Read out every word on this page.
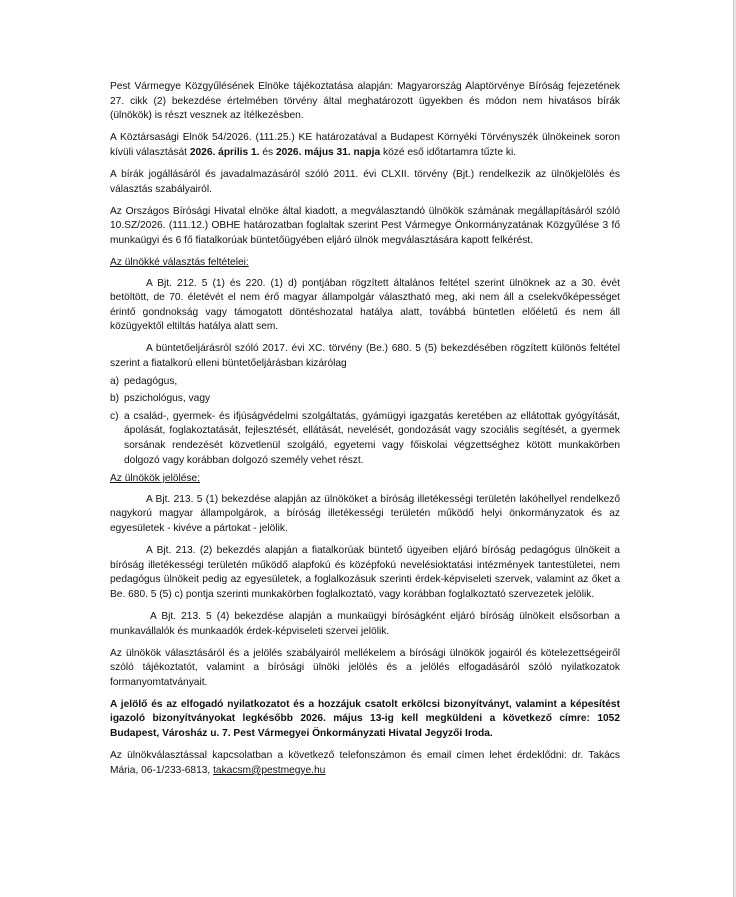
Pest Vármegye Közgyűlésének Elnöke tájékoztatása alapján: Magyarország Alaptörvénye Bíróság fejezetének 27. cikk (2) bekezdése értelmében törvény által meghatározott ügyekben és módon nem hivatásos bírák (ülnökök) is részt vesznek az ítélkezésben.

A Köztársasági Elnök 54/2026. (111.25.) KE határozatával a Budapest Környéki Törvényszék ülnökeinek soron kívüli választását 2026. április 1. és 2026. május 31. napja közé eső időtartamra tűzte ki.

A bírák jogállásáról és javadalmazásáról szóló 2011. évi CLXII. törvény (Bjt.) rendelkezik az ülnökjelölés és választás szabályairól.

Az Országos Bírósági Hivatal elnöke által kiadott, a megválasztandó ülnökök számának megállapításáról szóló 10.SZ/2026. (111.12.) OBHE határozatban foglaltak szerint Pest Vármegye Önkormányzatának Közgyűlése 3 fő munkaügyi és 6 fő fiatalkorúak büntetőügyében eljáró ülnök megválasztására kapott felkérést.

Az ülnökké választás feltételei:

A Bjt. 212. 5 (1) és 220. (1) d) pontjában rögzített általános feltétel szerint ülnöknek az a 30. évét betöltött, de 70. életévét el nem érő magyar állampolgár választható meg, aki nem áll a cselekvőképességet érintő gondnokság vagy támogatott döntéshozatal hatálya alatt, továbbá büntetlen előéletű és nem áll közügyektől eltiltás hatálya alatt sem.

A büntetőeljárásról szóló 2017. évi XC. törvény (Be.) 680. 5 (5) bekezdésében rögzített különös feltétel szerint a fiatalkorú elleni büntetőeljárásban kizárólag

a) pedagógus,
b) pszichológus, vagy
c) a család-, gyermek- és ifjúságvédelmi szolgáltatás, gyámügyi igazgatás keretében az ellátottak gyógyítását, ápolását, foglakoztatását, fejlesztését, ellátását, nevelését, gondozását vagy szociális segítését, a gyermek sorsának rendezését közvetlenül szolgáló, egyetemi vagy főiskolai végzettséghez kötött munkakörben dolgozó vagy korábban dolgozó személy vehet részt.

Az ülnökök jelölése:

A Bjt. 213. 5 (1) bekezdése alapján az ülnököket a bíróság illetékességi területén lakóhellyel rendelkező nagykorú magyar állampolgárok, a bíróság illetékességi területén működő helyi önkormányzatok és az egyesületek - kivéve a pártokat - jelölik.

A Bjt. 213. (2) bekezdés alapján a fiatalkorúak büntető ügyeiben eljáró bíróság pedagógus ülnökeit a bíróság illetékességi területén működő alapfokú és középfokú nevelésioktatási intézmények tantestületei, nem pedagógus ülnökeit pedig az egyesületek, a foglalkozásuk szerinti érdek-képviseleti szervek, valamint az őket a Be. 680. 5 (5) c) pontja szerinti munkakörben foglalkoztató, vagy korábban foglalkoztató szervezetek jelölik.

A Bjt. 213. 5 (4) bekezdése alapján a munkaügyi bíróságként eljáró bíróság ülnökeit elsősorban a munkavállalók és munkaadók érdek-képviseleti szervei jelölik.

Az ülnökök választásáról és a jelölés szabályairól mellékelem a bírósági ülnökök jogairól és kötelezettségeiről szóló tájékoztatót, valamint a bírósági ülnöki jelölés és a jelölés elfogadásáról szóló nyilatkozatok formanyomtatványait.

A jelölő és az elfogadó nyilatkozatot és a hozzájuk csatolt erkölcsi bizonyítványt, valamint a képesítést igazoló bizonyítványokat legkésőbb 2026. május 13-ig kell megküldeni a következő címre: 1052 Budapest, Városház u. 7. Pest Vármegyei Önkormányzati Hivatal Jegyzői Iroda.

Az ülnökválasztással kapcsolatban a következő telefonszámon és email címen lehet érdeklődni: dr. Takács Mária, 06-1/233-6813, takacsm@pestmegye.hu
